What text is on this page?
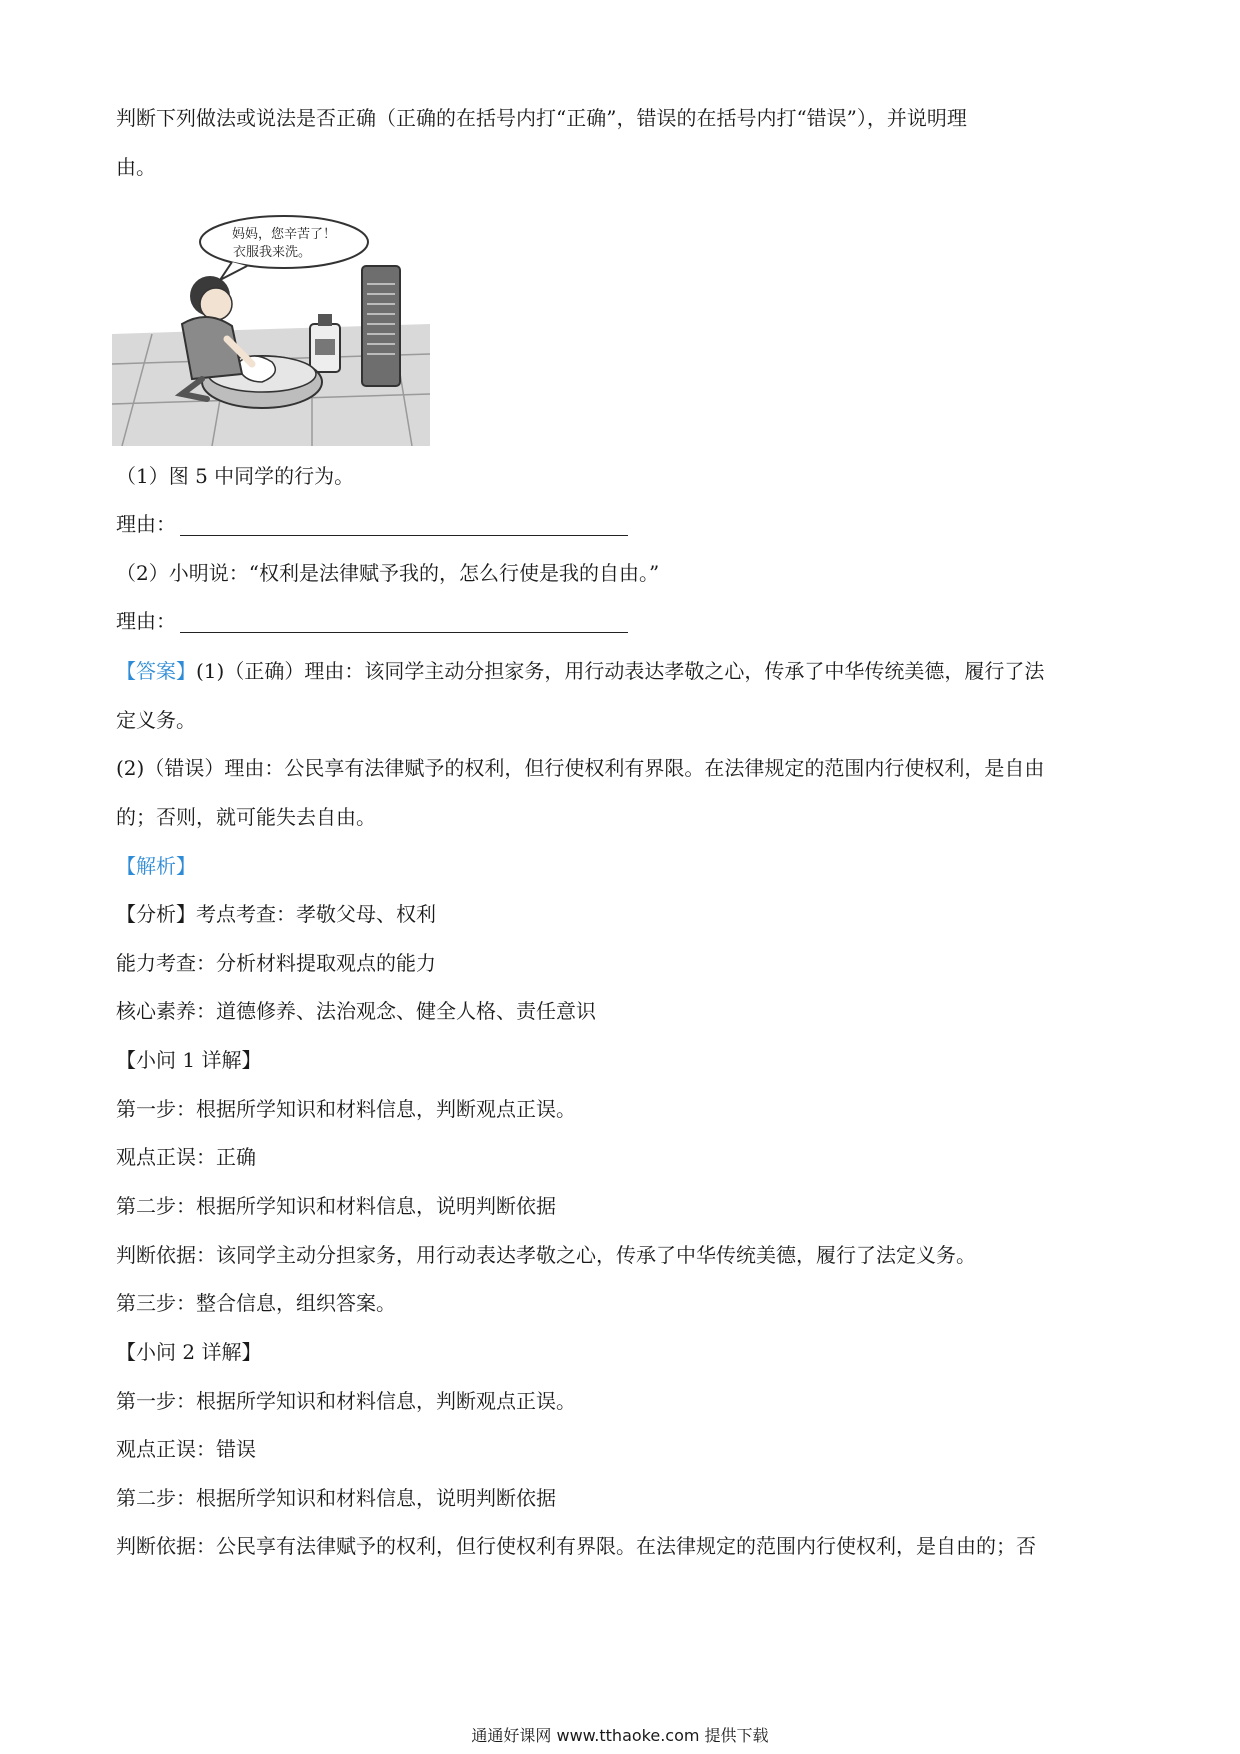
判断下列做法或说法是否正确（正确的在括号内打“正确”，错误的在括号内打“错误”），并说明理
由。
妈妈，您辛苦了！
衣服我来洗。
（1）图 5 中同学的行为。
理由：
（2）小明说：“权利是法律赋予我的，怎么行使是我的自由。”
理由：
【答案】(1)（正确）理由：该同学主动分担家务，用行动表达孝敬之心，传承了中华传统美德，履行了法
定义务。
(2)（错误）理由：公民享有法律赋予的权利，但行使权利有界限。在法律规定的范围内行使权利，是自由
的；否则，就可能失去自由。
【解析】
【分析】考点考查：孝敬父母、权利
能力考查：分析材料提取观点的能力
核心素养：道德修养、法治观念、健全人格、责任意识
【小问 1 详解】
第一步：根据所学知识和材料信息，判断观点正误。
观点正误：正确
第二步：根据所学知识和材料信息，说明判断依据
判断依据：该同学主动分担家务，用行动表达孝敬之心，传承了中华传统美德，履行了法定义务。
第三步：整合信息，组织答案。
【小问 2 详解】
第一步：根据所学知识和材料信息，判断观点正误。
观点正误：错误
第二步：根据所学知识和材料信息，说明判断依据
判断依据：公民享有法律赋予的权利，但行使权利有界限。在法律规定的范围内行使权利，是自由的；否
通通好课网 www.tthaoke.com 提供下载
